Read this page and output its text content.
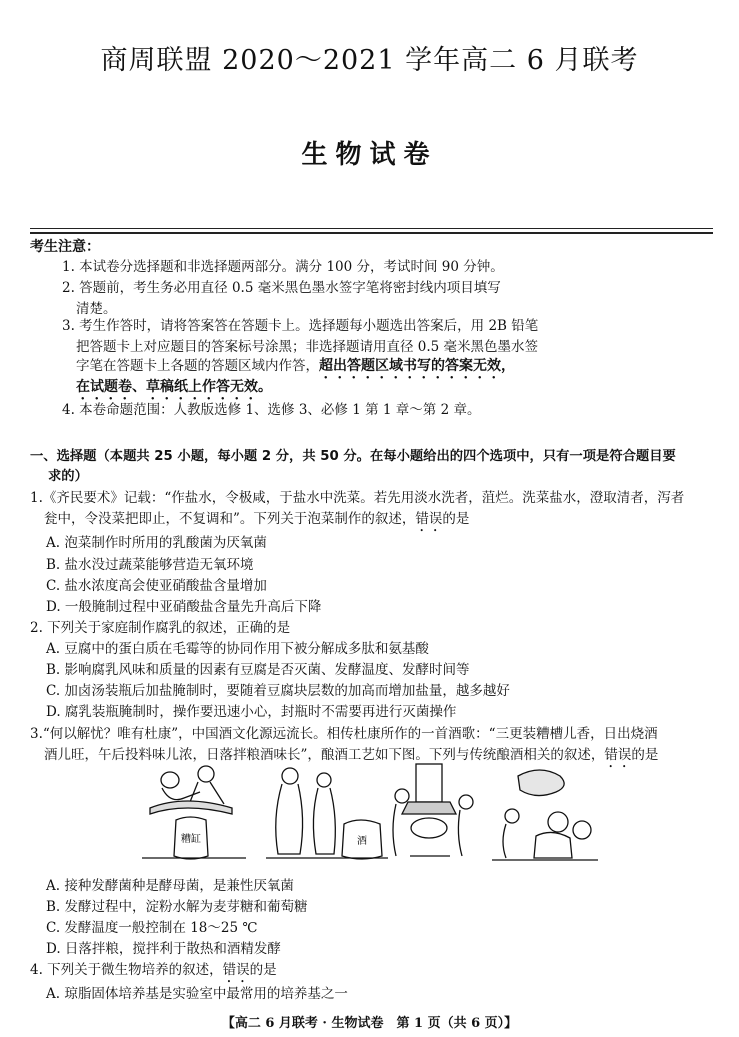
商周联盟 2020～2021 学年高二 6 月联考
生物试卷
考生注意：
1. 本试卷分选择题和非选择题两部分。满分 100 分，考试时间 90 分钟。
2. 答题前，考生务必用直径 0.5 毫米黑色墨水签字笔将密封线内项目填写
清楚。
3. 考生作答时，请将答案答在答题卡上。选择题每小题选出答案后，用 2B 铅笔
把答题卡上对应题目的答案标号涂黑；非选择题请用直径 0.5 毫米黑色墨水签
字笔在答题卡上各题的答题区域内作答，超出答题区域书写的答案无效，
在试题卷、草稿纸上作答无效。
4. 本卷命题范围：人教版选修 1、选修 3、必修 1 第 1 章～第 2 章。
一、选择题（本题共 25 小题，每小题 2 分，共 50 分。在每小题给出的四个选项中，只有一项是符合题目要
求的）
1.《齐民要术》记载：“作盐水，令极咸，于盐水中洗菜。若先用淡水洗者，菹烂。洗菜盐水，澄取清者，泻者
瓮中，令没菜把即止，不复调和”。下列关于泡菜制作的叙述，错误的是
A. 泡菜制作时所用的乳酸菌为厌氧菌
B. 盐水没过蔬菜能够营造无氧环境
C. 盐水浓度高会使亚硝酸盐含量增加
D. 一般腌制过程中亚硝酸盐含量先升高后下降
2. 下列关于家庭制作腐乳的叙述，正确的是
A. 豆腐中的蛋白质在毛霉等的协同作用下被分解成多肽和氨基酸
B. 影响腐乳风味和质量的因素有豆腐是否灭菌、发酵温度、发酵时间等
C. 加卤汤装瓶后加盐腌制时，要随着豆腐块层数的加高而增加盐量，越多越好
D. 腐乳装瓶腌制时，操作要迅速小心，封瓶时不需要再进行灭菌操作
3.“何以解忧？唯有杜康”，中国酒文化源远流长。相传杜康所作的一首酒歌：“三更装糟槽儿香，日出烧酒
酒儿旺，午后投料味儿浓，日落拌粮酒味长”，酿酒工艺如下图。下列与传统酿酒相关的叙述，错误的是
糟缸	酒
A. 接种发酵菌种是酵母菌，是兼性厌氧菌
B. 发酵过程中，淀粉水解为麦芽糖和葡萄糖
C. 发酵温度一般控制在 18～25 ℃
D. 日落拌粮，搅拌利于散热和酒精发酵
4. 下列关于微生物培养的叙述，错误的是
A. 琼脂固体培养基是实验室中最常用的培养基之一
【高二 6 月联考 · 生物试卷　第 1 页（共 6 页）】
